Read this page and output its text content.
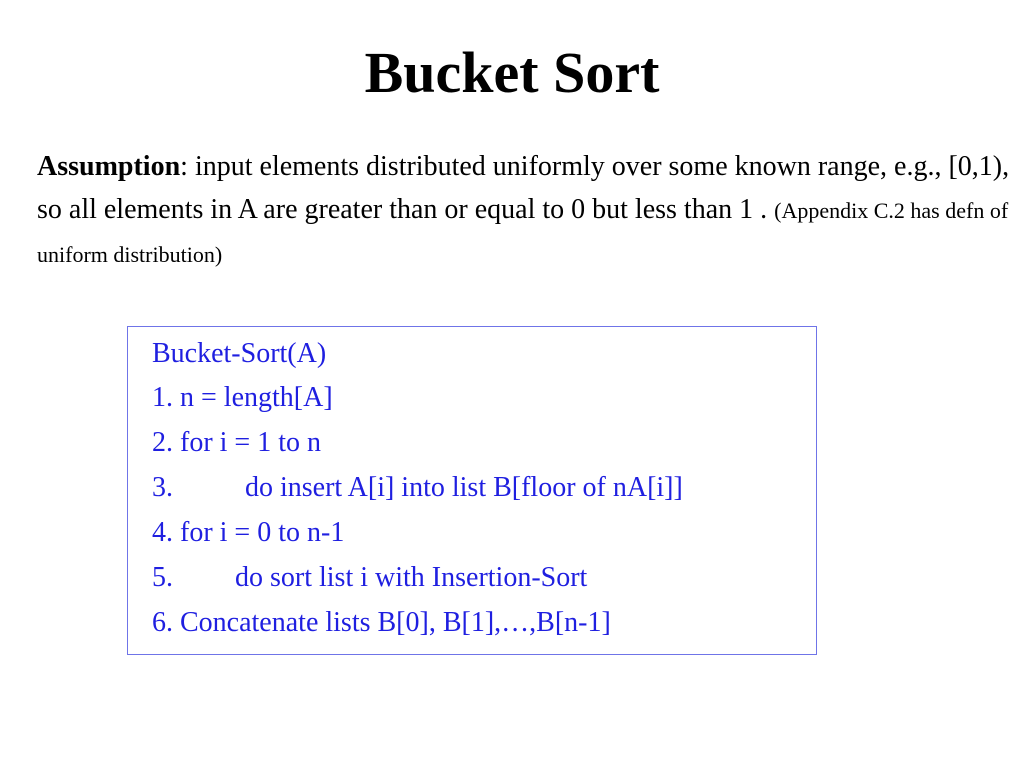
Bucket Sort
Assumption: input elements distributed uniformly over some known range, e.g., [0,1), so all elements in A are greater than or equal to 0 but less than 1 . (Appendix C.2 has defn of uniform distribution)
Bucket-Sort(A)
1. n = length[A]
2. for i = 1 to n
3.	do insert A[i] into list B[floor of nA[i]]
4. for i = 0 to n-1
5. do sort list i with Insertion-Sort
6. Concatenate lists B[0], B[1],…,B[n-1]
